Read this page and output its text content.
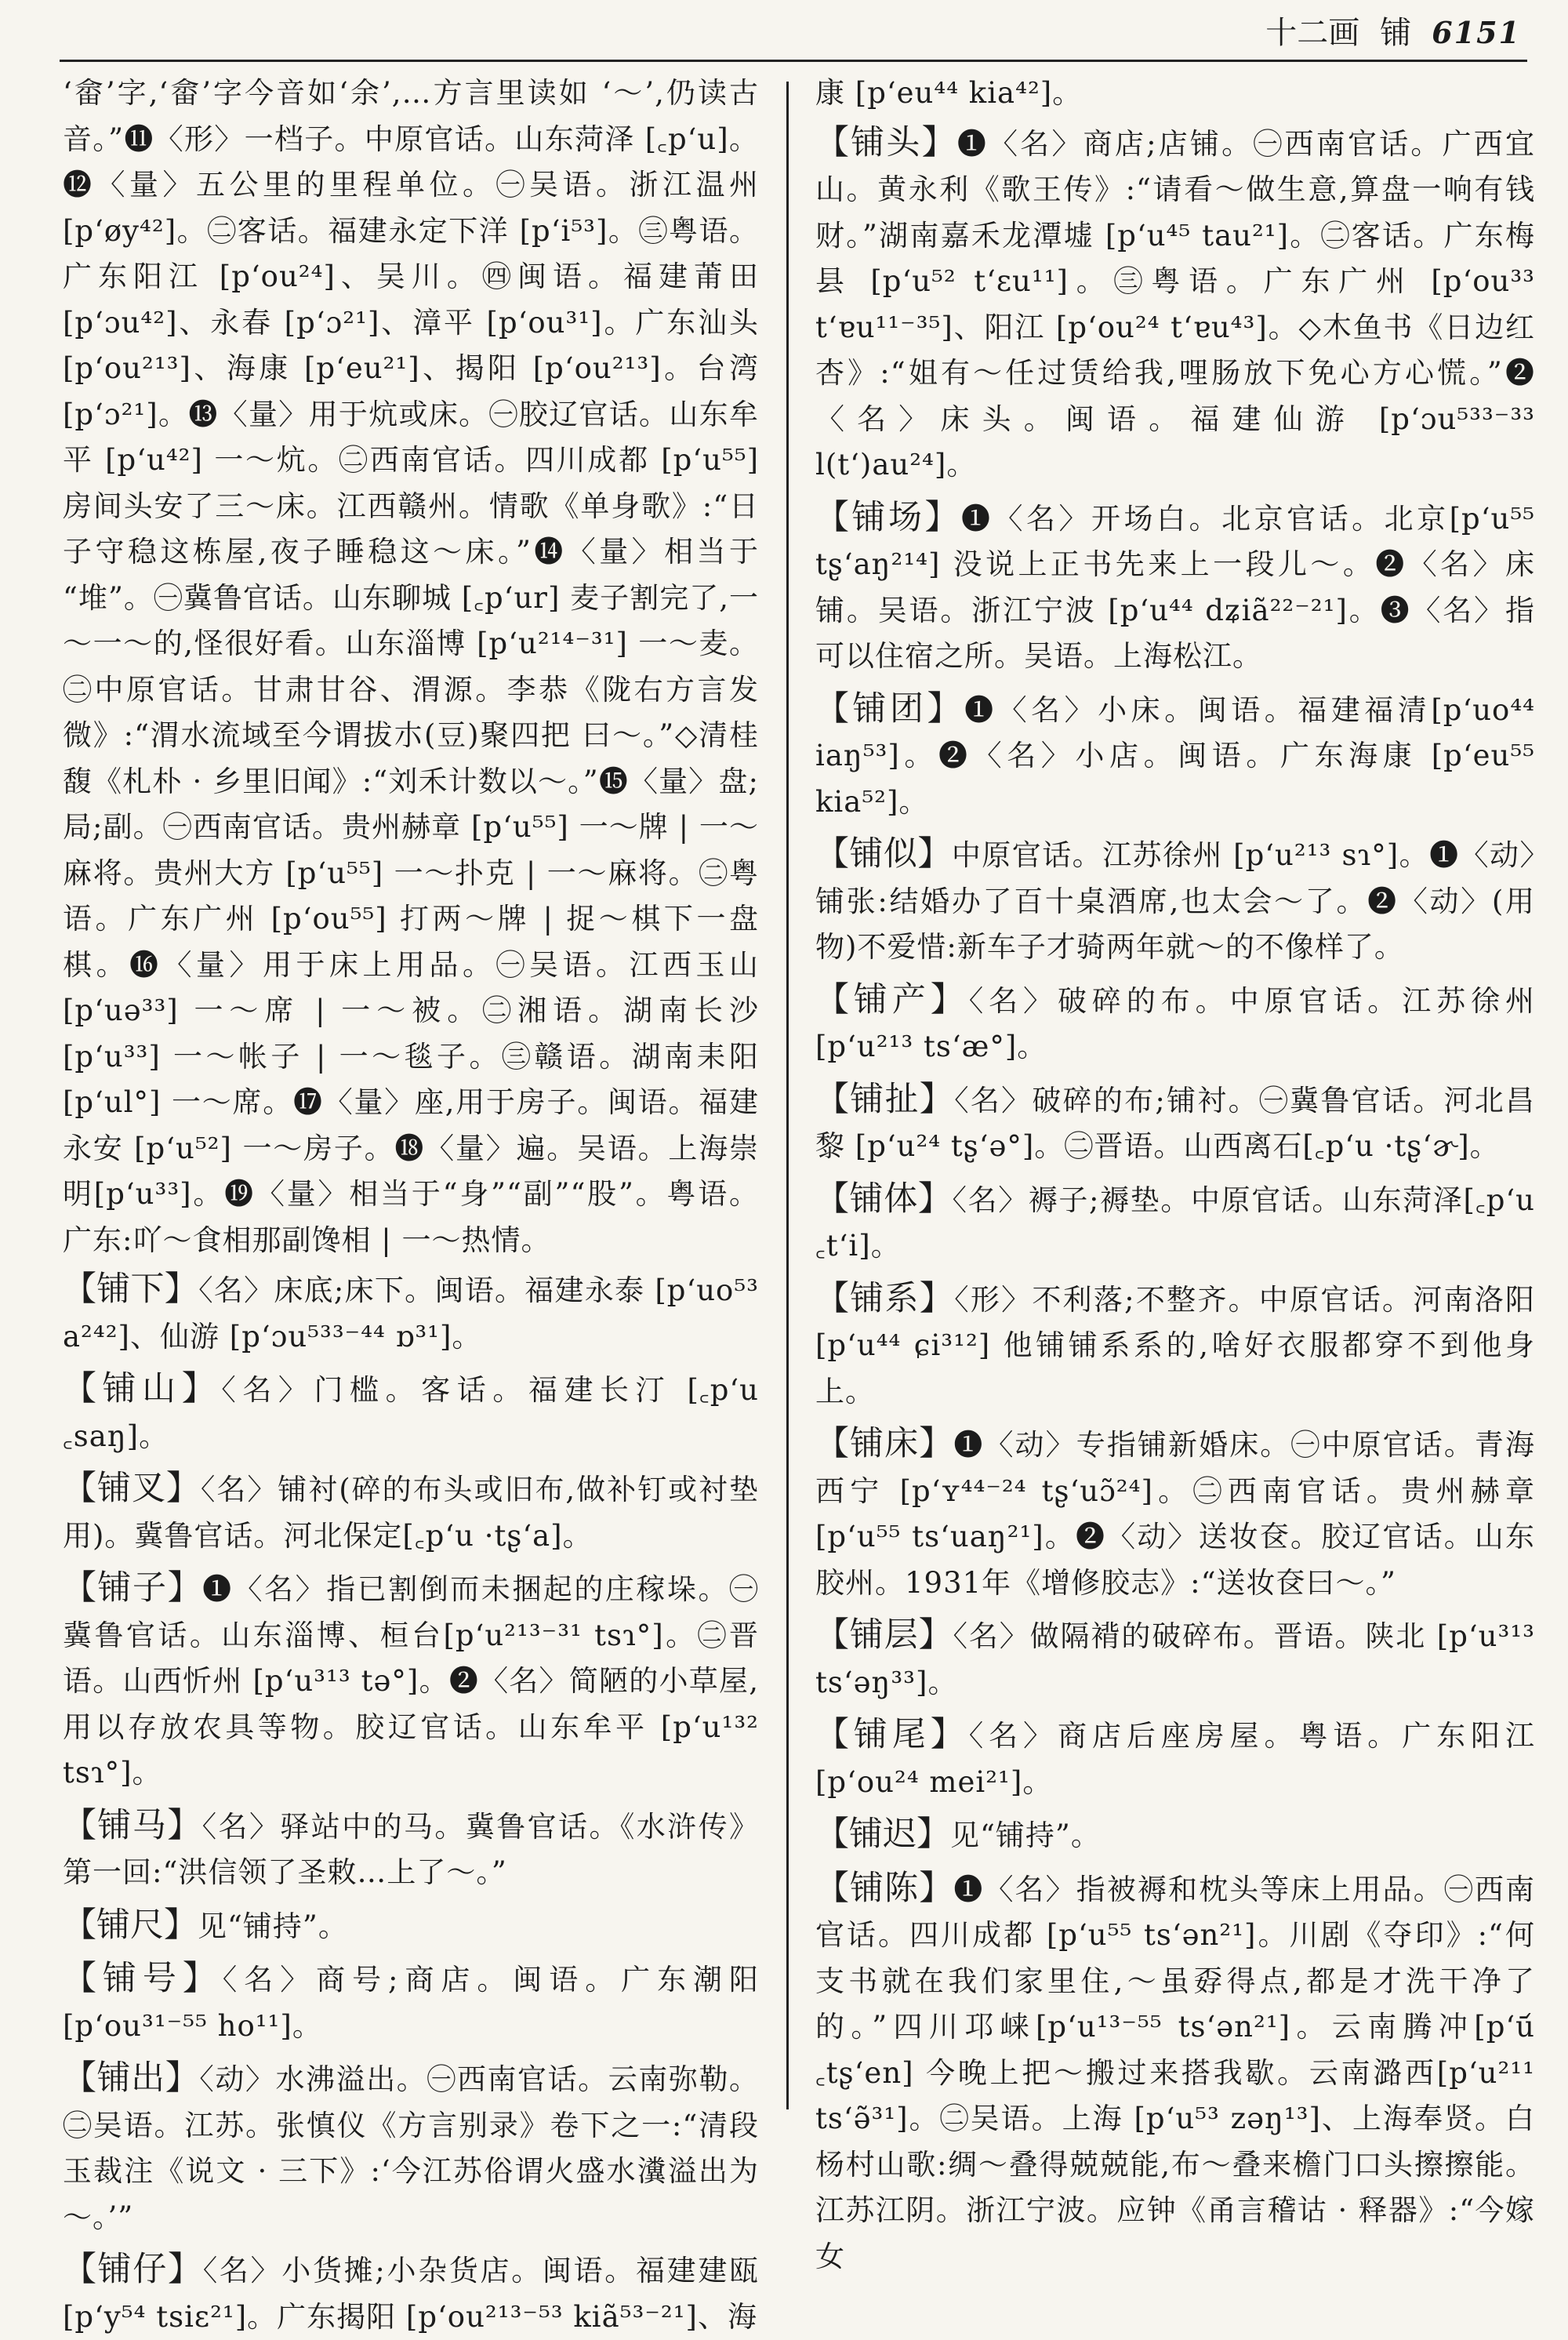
十二画 铺 6151

‘畲’字,‘畲’字今音如‘余’,…方言里读如 ‘～’,仍读古音。”⓫〈形〉一档子。中原官话。山东菏泽 [꜀p‘u]。⓬〈量〉五公里的里程单位。㊀吴语。浙江温州[p‘øy⁴²]。㊁客话。福建永定下洋 [p‘i⁵³]。㊂粤语。广东阳江 [p‘ou²⁴]、吴川。㊃闽语。福建莆田 [p‘ɔu⁴²]、永春 [p‘ɔ²¹]、漳平 [p‘ou³¹]。广东汕头 [p‘ou²¹³]、海康 [p‘eu²¹]、揭阳 [p‘ou²¹³]。台湾 [p‘ɔ²¹]。⓭〈量〉用于炕或床。㊀胶辽官话。山东牟平 [p‘u⁴²] 一～炕。㊁西南官话。四川成都 [p‘u⁵⁵] 房间头安了三～床。江西赣州。情歌《单身歌》:“日子守稳这栋屋,夜子睡稳这～床。”⓮〈量〉相当于 “堆”。㊀冀鲁官话。山东聊城 [꜀p‘ur] 麦子割完了,一～一～的,怪很好看。山东淄博 [p‘u²¹⁴⁻³¹] 一～麦。㊁中原官话。甘肃甘谷、渭源。李恭《陇右方言发微》:“渭水流域至今谓拔朩(豆)聚四把 曰～。”◇清桂馥《札朴 · 乡里旧闻》:“刘禾计数以～。”⓯〈量〉盘;局;副。㊀西南官话。贵州赫章 [p‘u⁵⁵] 一～牌 | 一～麻将。贵州大方 [p‘u⁵⁵] 一～扑克 | 一～麻将。㊁粤语。广东广州 [p‘ou⁵⁵] 打两～牌 | 捉～棋下一盘棋。⓰〈量〉用于床上用品。㊀吴语。江西玉山 [p‘uə³³] 一～席 | 一～被。㊁湘语。湖南长沙 [p‘u³³] 一～帐子 | 一～毯子。㊂赣语。湖南耒阳 [p‘ul°] 一～席。⓱〈量〉座,用于房子。闽语。福建永安 [p‘u⁵²] 一～房子。⓲〈量〉遍。吴语。上海崇明[p‘u³³]。⓳〈量〉相当于“身”“副”“股”。粤语。广东:吖～食相那副馋相 | 一～热情。

【铺下】〈名〉床底;床下。闽语。福建永泰 [p‘uo⁵³ a²⁴²]、仙游 [p‘ɔu⁵³³⁻⁴⁴ ɒ³¹]。

【铺山】〈名〉门槛。客话。福建长汀 [꜀p‘u ꜀saŋ]。

【铺叉】〈名〉铺衬(碎的布头或旧布,做补钉或衬垫用)。冀鲁官话。河北保定[꜀p‘u ·tʂ‘a]。

【铺子】❶〈名〉指已割倒而未捆起的庄稼垛。㊀冀鲁官话。山东淄博、桓台[p‘u²¹³⁻³¹ tsɿ°]。㊁晋语。山西忻州 [p‘u³¹³ tə°]。❷〈名〉简陋的小草屋,用以存放农具等物。胶辽官话。山东牟平 [p‘u¹³² tsɿ°]。

【铺马】〈名〉驿站中的马。冀鲁官话。《水浒传》第一回:“洪信领了圣敕…上了～。”

【铺尺】见“铺持”。

【铺号】〈名〉商号;商店。闽语。广东潮阳 [p‘ou³¹⁻⁵⁵ ho¹¹]。

【铺出】〈动〉水沸溢出。㊀西南官话。云南弥勒。㊁吴语。江苏。张慎仪《方言别录》卷下之一:“清段玉裁注《说文 · 三下》:‘今江苏俗谓火盛水瀵溢出为～。’”

【铺仔】〈名〉小货摊;小杂货店。闽语。福建建瓯 [p‘y⁵⁴ tsiɛ²¹]。广东揭阳 [p‘ou²¹³⁻⁵³ kiã⁵³⁻²¹]、海

康 [p‘eu⁴⁴ kia⁴²]。

【铺头】❶〈名〉商店;店铺。㊀西南官话。广西宜山。黄永利《歌王传》:“请看～做生意,算盘一响有钱财。”湖南嘉禾龙潭墟 [p‘u⁴⁵ tau²¹]。㊁客话。广东梅县 [p‘u⁵² t‘ɛu¹¹]。㊂粤语。广东广州 [p‘ou³³ t‘ɐu¹¹⁻³⁵]、阳江 [p‘ou²⁴ t‘ɐu⁴³]。◇木鱼书《日边红杏》:“姐有～任过赁给我,哩肠放下免心方心慌。”❷〈名〉床头。闽语。福建仙游 [p‘ɔu⁵³³⁻³³ l(t‘)au²⁴]。

【铺场】❶〈名〉开场白。北京官话。北京[p‘u⁵⁵ tʂ‘aŋ²¹⁴] 没说上正书先来上一段儿～。❷〈名〉床铺。吴语。浙江宁波 [p‘u⁴⁴ dʑiã²²⁻²¹]。❸〈名〉指可以住宿之所。吴语。上海松江。

【铺团】❶〈名〉小床。闽语。福建福清[p‘uo⁴⁴ iaŋ⁵³]。❷〈名〉小店。闽语。广东海康 [p‘eu⁵⁵ kia⁵²]。

【铺似】中原官话。江苏徐州 [p‘u²¹³ sɿ°]。❶〈动〉铺张:结婚办了百十桌酒席,也太会～了。❷〈动〉(用物)不爱惜:新车子才骑两年就～的不像样了。

【铺产】〈名〉破碎的布。中原官话。江苏徐州 [p‘u²¹³ ts‘æ°]。

【铺扯】〈名〉破碎的布;铺衬。㊀冀鲁官话。河北昌黎 [p‘u²⁴ tʂ‘ə°]。㊁晋语。山西离石[꜀p‘u ·tʂ‘ɚ]。

【铺体】〈名〉褥子;褥垫。中原官话。山东菏泽[꜀p‘u ꜀t‘i]。

【铺系】〈形〉不利落;不整齐。中原官话。河南洛阳 [p‘u⁴⁴ ɕi³¹²] 他铺铺系系的,啥好衣服都穿不到他身上。

【铺床】❶〈动〉专指铺新婚床。㊀中原官话。青海西宁 [p‘ʏ⁴⁴⁻²⁴ tʂ‘uɔ̃²⁴]。㊁西南官话。贵州赫章 [p‘u⁵⁵ ts‘uaŋ²¹]。❷〈动〉送妆奁。胶辽官话。山东胶州。1931年《增修胶志》:“送妆奁曰～。”

【铺层】〈名〉做隔褙的破碎布。晋语。陕北 [p‘u³¹³ ts‘əŋ³³]。

【铺尾】〈名〉商店后座房屋。粤语。广东阳江[p‘ou²⁴ mei²¹]。

【铺迟】见“铺持”。

【铺陈】❶〈名〉指被褥和枕头等床上用品。㊀西南官话。四川成都 [p‘u⁵⁵ ts‘ən²¹]。川剧《夺印》:“何支书就在我们家里住,～虽孬得点,都是才洗干净了的。”四川邛崃[p‘u¹³⁻⁵⁵ ts‘ən²¹]。云南腾冲[p‘u᷄ ꜀tʂ‘en] 今晚上把～搬过来搭我歇。云南潞西[p‘u²¹¹ ts‘ə̃³¹]。㊁吴语。上海 [p‘u⁵³ zəŋ¹³]、上海奉贤。白杨村山歌:绸～叠得兢兢能,布～叠来檐门口头擦擦能。江苏江阴。浙江宁波。应钟《甬言稽诂 · 释器》:“今嫁女
